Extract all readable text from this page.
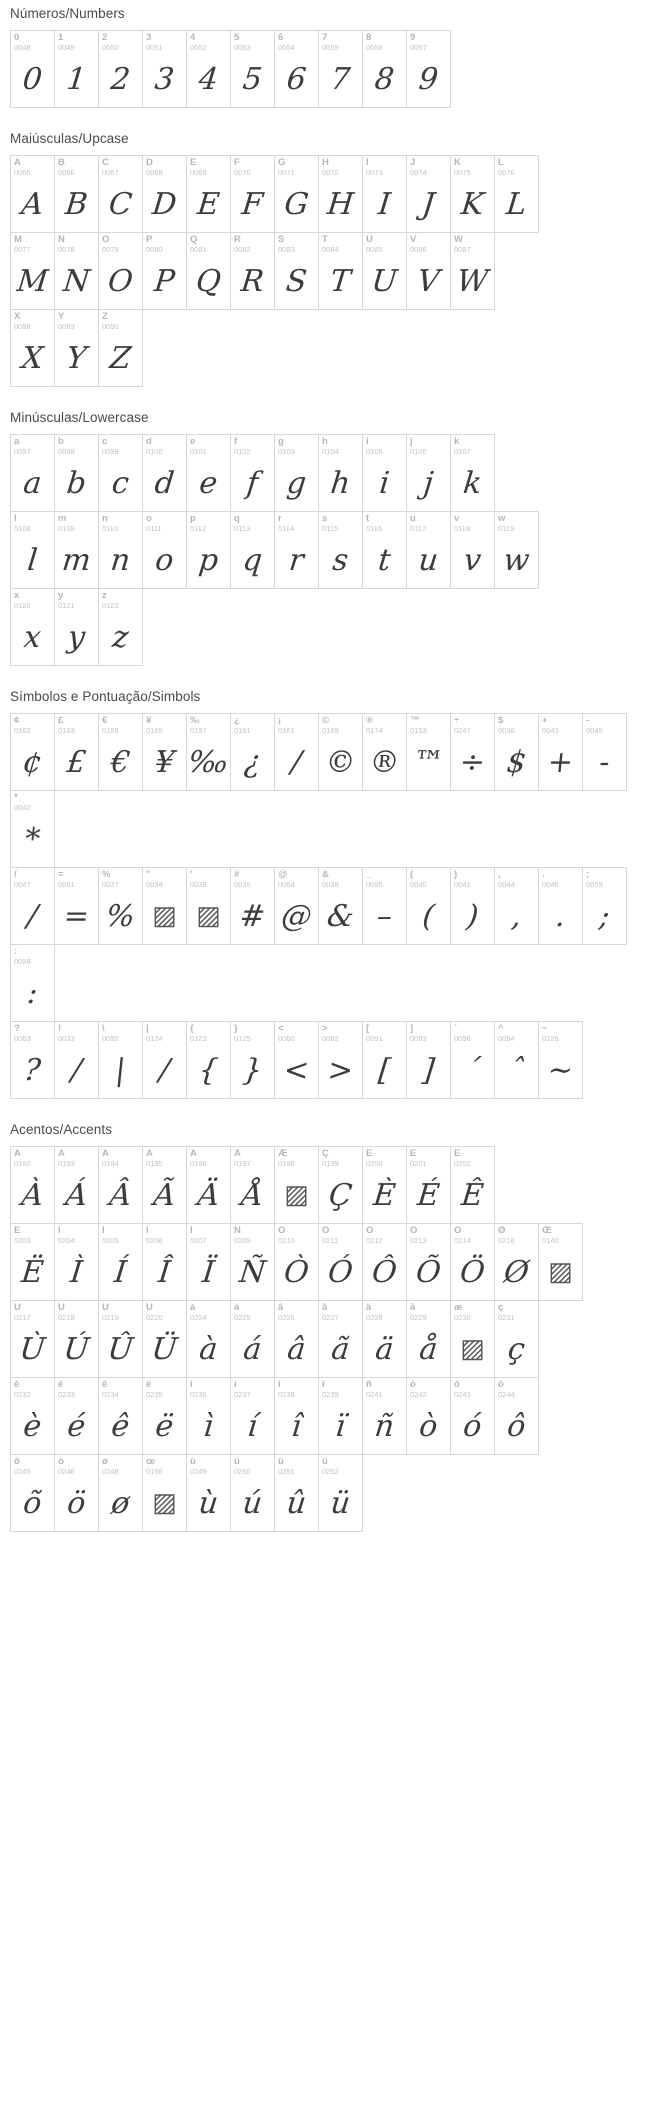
Números/Numbers
0
0048
0
1
0049
1
2
0050
2
3
0051
3
4
0052
4
5
0053
5
6
0054
6
7
0055
7
8
0056
8
9
0057
9
Maiúsculas/Upcase
A
0065
A
B
0066
B
C
0067
C
D
0068
D
E
0069
E
F
0070
F
G
0071
G
H
0072
H
I
0073
I
J
0074
J
K
0075
K
L
0076
L
M
0077
M
N
0078
N
O
0079
O
P
0080
P
Q
0081
Q
R
0082
R
S
0083
S
T
0084
T
U
0085
U
V
0086
V
W
0087
W
X
0088
X
Y
0089
Y
Z
0090
Z
Minúsculas/Lowercase
a
0097
a
b
0098
b
c
0099
c
d
0100
d
e
0101
e
f
0102
f
g
0103
g
h
0104
h
i
0105
i
j
0106
j
k
0107
k
l
0108
l
m
0109
m
n
0110
n
o
0111
o
p
0112
p
q
0113
q
r
0114
r
s
0115
s
t
0116
t
u
0117
u
v
0118
v
w
0119
w
x
0120
x
y
0121
y
z
0122
z
Símbolos e Pontuação/Simbols
¢
0162
¢
£
0163
£
€
0128
€
¥
0165
¥
‰
0137
‰
¿
0191
¿
¡
0161
/
©
0169
©
®
0174
®
™
0153
™
÷
0247
÷
$
0036
$
+
0043
+
-
0045
-
*
0042
*
/
0047
/
=
0061
=
%
0037
%
"
0034
▨
'
0039
▨
#
0035
#
@
0064
@
&
0038
&
_
0095
–
(
0040
(
)
0041
)
,
0044
,
.
0046
.
;
0059
;
:
0058
:
?
0063
?
!
0033
/
\
0092
|
|
0124
/
{
0123
{
}
0125
}
<
0060
<
>
0062
>
[
0091
[
]
0093
]
´
0096
´
^
0094
ˆ
~
0126
~
Acentos/Accents
À
0192
À
Á
0193
Á
Â
0194
Â
Ã
0195
Ã
Ä
0196
Ä
Å
0197
Å
Æ
0198
▨
Ç
0199
Ç
È
0200
È
É
0201
É
Ê
0202
Ê
Ë
0203
Ë
Ì
0204
Ì
Í
0205
Í
Î
0206
Î
Ï
0207
Ï
Ñ
0209
Ñ
Ò
0210
Ò
Ó
0211
Ó
Ô
0212
Ô
Õ
0213
Õ
Ö
0214
Ö
Ø
0216
Ø
Œ
0140
▨
Ù
0217
Ù
Ú
0218
Ú
Û
0219
Û
Ü
0220
Ü
à
0224
à
á
0225
á
â
0226
â
ã
0227
ã
ä
0228
ä
å
0229
å
æ
0230
▨
ç
0231
ç
è
0232
è
é
0233
é
ê
0234
ê
ë
0235
ë
ì
0236
ì
í
0237
í
î
0238
î
ï
0239
ï
ñ
0241
ñ
ò
0242
ò
ó
0243
ó
ô
0244
ô
õ
0245
õ
ö
0246
ö
ø
0248
ø
œ
0156
▨
ù
0249
ù
ú
0250
ú
û
0251
û
ü
0252
ü
